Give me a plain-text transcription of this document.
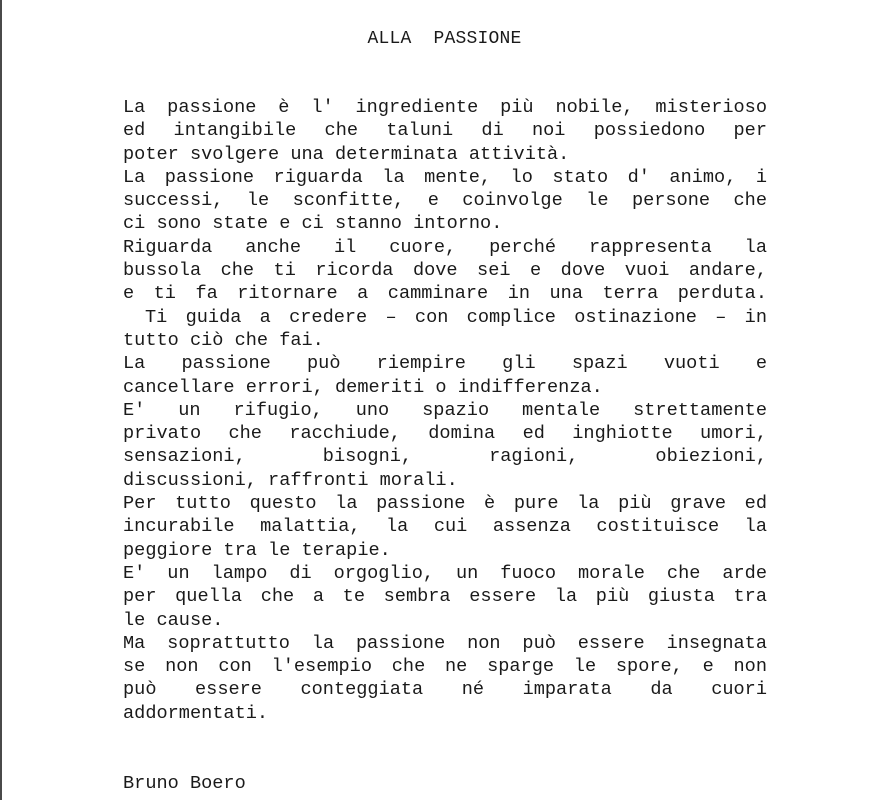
ALLA  PASSIONE
La passione è l' ingrediente più nobile, misterioso
ed intangibile che taluni di noi possiedono per
poter svolgere una determinata attività.
La passione riguarda la mente, lo stato d' animo, i
successi, le sconfitte, e coinvolge le persone che
ci sono state e ci stanno intorno.
Riguarda anche il cuore, perché rappresenta la
bussola che ti ricorda dove sei e dove vuoi andare,
e ti fa ritornare a camminare in una terra perduta.
Ti guida a credere – con complice ostinazione – in
tutto ciò che fai.
La passione può riempire gli spazi vuoti e
cancellare errori, demeriti o indifferenza.
E' un rifugio, uno spazio mentale strettamente
privato che racchiude, domina ed inghiotte umori,
sensazioni, bisogni, ragioni, obiezioni,
discussioni, raffronti morali.
Per tutto questo la passione è pure la più grave ed
incurabile malattia, la cui assenza costituisce la
peggiore tra le terapie.
E' un lampo di orgoglio, un fuoco morale che arde
per quella che a te sembra essere la più giusta tra
le cause.
Ma soprattutto la passione non può essere insegnata
se non con l'esempio che ne sparge le spore, e non
può essere conteggiata né imparata da cuori
addormentati.
Bruno Boero
